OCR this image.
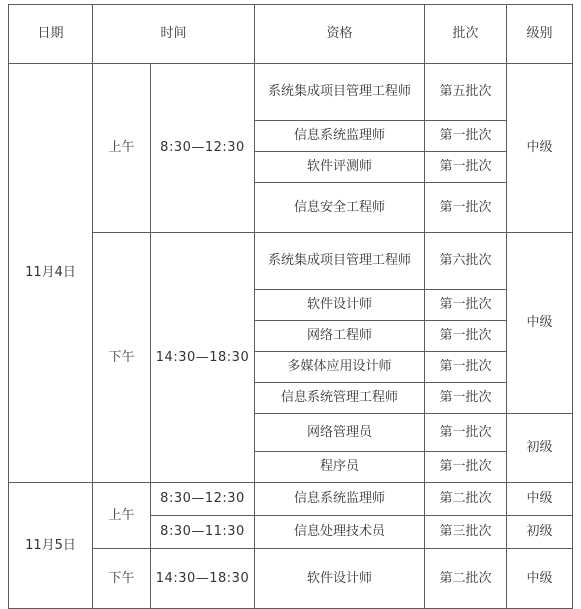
日期	时间		资格	批次	级别
11月4日	上午	8:30—12:30	系统集成项目管理工程师	第五批次	中级
			信息系统监理师	第一批次	
			软件评测师	第一批次	
			信息安全工程师	第一批次	
	下午	14:30—18:30	系统集成项目管理工程师	第六批次	中级
			软件设计师	第一批次	
			网络工程师	第一批次	
			多媒体应用设计师	第一批次	
			信息系统管理工程师	第一批次	
			网络管理员	第一批次	初级
			程序员	第一批次	
11月5日	上午	8:30—12:30	信息系统监理师	第二批次	中级
		8:30—11:30	信息处理技术员	第三批次	初级
	下午	14:30—18:30	软件设计师	第二批次	中级
